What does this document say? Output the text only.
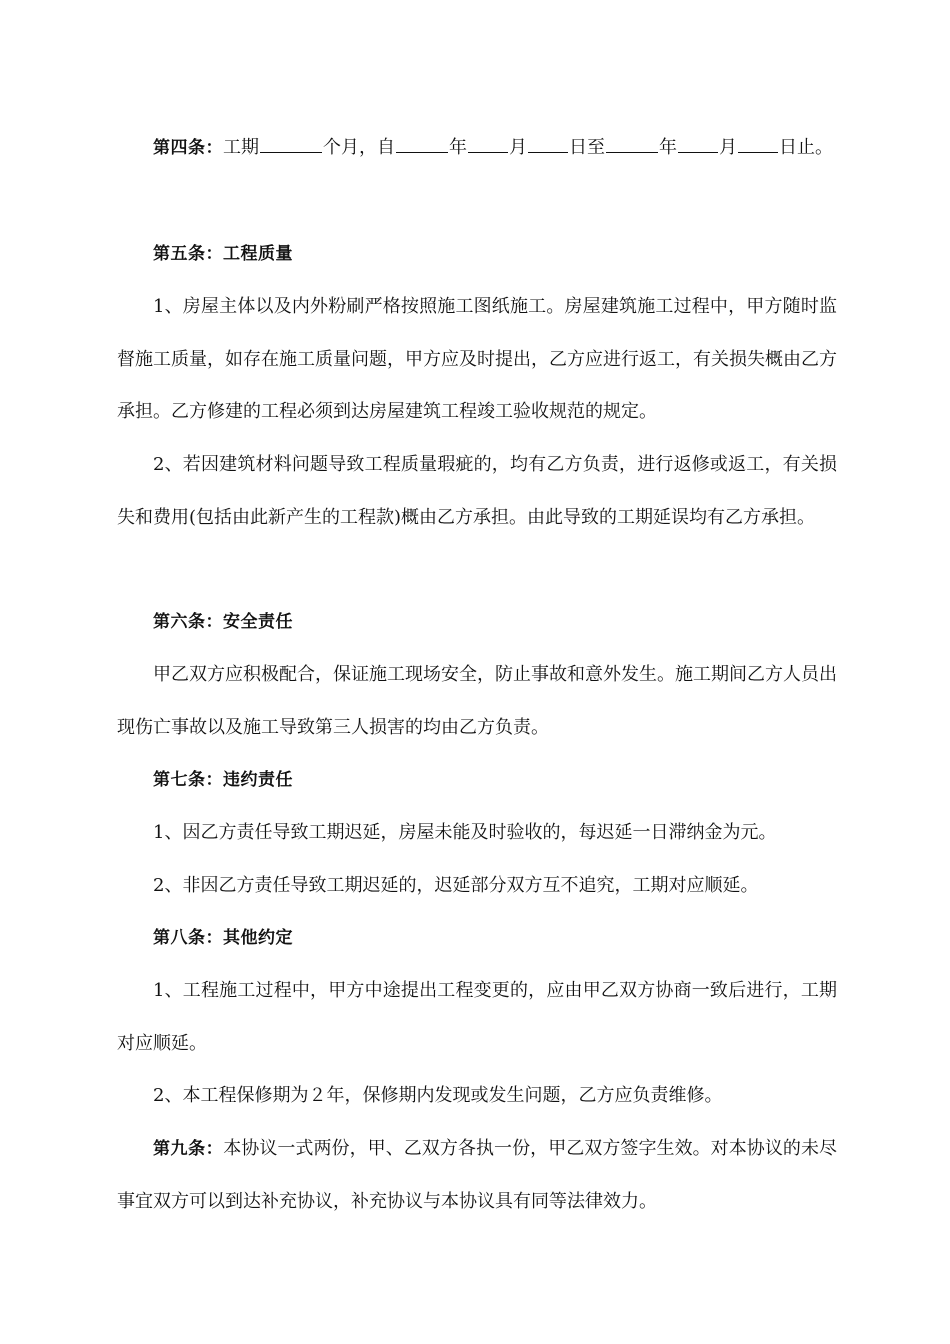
第四条：工期	个月，自	年 月 日至	年 月 日止。

第五条：工程质量

1、房屋主体以及内外粉刷严格按照施工图纸施工。房屋建筑施工过程中，甲方随时监督施工质量，如存在施工质量问题，甲方应及时提出，乙方应进行返工，有关损失概由乙方承担。乙方修建的工程必须到达房屋建筑工程竣工验收规范的规定。

2、若因建筑材料问题导致工程质量瑕疵的，均有乙方负责，进行返修或返工，有关损失和费用(包括由此新产生的工程款)概由乙方承担。由此导致的工期延误均有乙方承担。

第六条：安全责任

甲乙双方应积极配合，保证施工现场安全，防止事故和意外发生。施工期间乙方人员出现伤亡事故以及施工导致第三人损害的均由乙方负责。

第七条：违约责任

1、因乙方责任导致工期迟延，房屋未能及时验收的，每迟延一日滞纳金为元。

2、非因乙方责任导致工期迟延的，迟延部分双方互不追究，工期对应顺延。

第八条：其他约定

1、工程施工过程中，甲方中途提出工程变更的，应由甲乙双方协商一致后进行，工期对应顺延。

2、本工程保修期为２年，保修期内发现或发生问题，乙方应负责维修。

第九条：本协议一式两份，甲、乙双方各执一份，甲乙双方签字生效。对本协议的未尽事宜双方可以到达补充协议，补充协议与本协议具有同等法律效力。
